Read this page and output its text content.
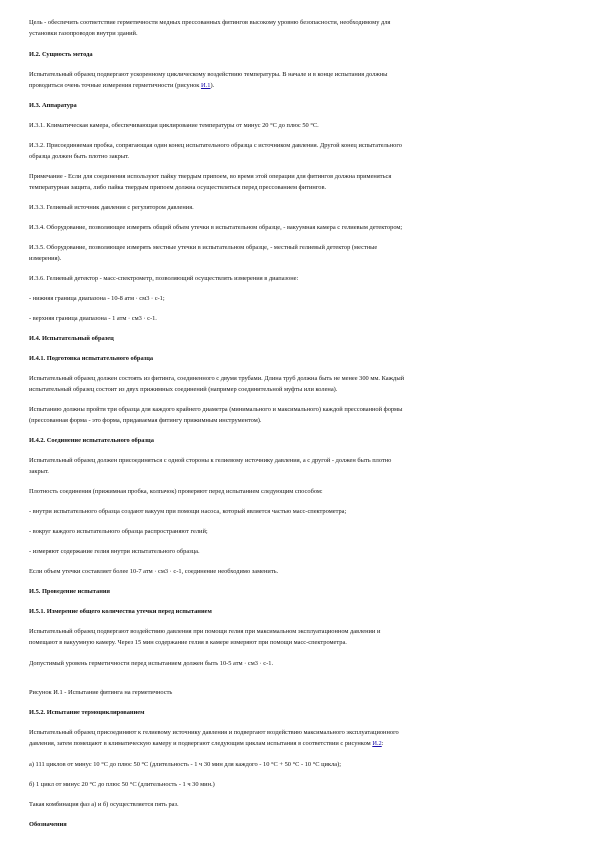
Цель - обеспечить соответствие герметичности медных прессованных фитингов высокому уровню безопасности, необходимому для
установки газопроводов внутри зданий.
И.2. Сущность метода
Испытательный образец подвергают ускоренному циклическому воздействию температуры. В начале и в конце испытания должны
проводиться очень точные измерения герметичности (рисунок И.1).
И.3. Аппаратура
И.3.1. Климатическая камера, обеспечивающая циклирование температуры от минус 20 °С до плюс 50 °С.
И.3.2. Присоединяемая пробка, сопрягающая один конец испытательного образца с источником давления. Другой конец испытательного
образца должен быть плотно закрыт.
Примечание - Если для соединения используют пайку твердым припоем, во время этой операции для фитингов должна применяться
температурная защита, либо пайка твердым припоем должна осуществляться перед прессованием фитингов.
И.3.3. Гелиевый источник давления с регулятором давления.
И.3.4. Оборудование, позволяющее измерять общий объем утечки в испытательном образце, - вакуумная камера с гелиевым детектором;
И.3.5. Оборудование, позволяющее измерять местные утечки в испытательном образце, - местный гелиевый детектор (местные
измерения).
И.3.6. Гелиевый детектор - масс-спектрометр, позволяющий осуществлять измерения в диапазоне:
- нижняя граница диапазона - 10-8 атм · см3 · с-1;
- верхняя граница диапазона - 1 атм · см3 · с-1.
И.4. Испытательный образец
И.4.1. Подготовка испытательного образца
Испытательный образец должен состоять из фитинга, соединенного с двумя трубами. Длина труб должна быть не менее 300 мм. Каждый
испытательный образец состоит из двух прижимных соединений (например соединительной муфты или колена).
Испытанию должны пройти три образца для каждого крайнего диаметра (минимального и максимального) каждой прессованной формы
(прессованная форма - это форма, придаваемая фитингу прижимным инструментом).
И.4.2. Соединение испытательного образца
Испытательный образец должен присоединяться с одной стороны к гелиевому источнику давления, а с другой - должен быть плотно
закрыт.
Плотность соединения (прижимная пробка, колпачок) проверяют перед испытанием следующим способом:
- внутри испытательного образца создают вакуум при помощи насоса, который является частью масс-спектрометра;
- вокруг каждого испытательного образца распространяют гелий;
- измеряют содержание гелия внутри испытательного образца.
Если объем утечки составляет более 10-7 атм · см3 · с-1, соединение необходимо заменить.
И.5. Проведение испытания
И.5.1. Измерение общего количества утечки перед испытанием
Испытательный образец подвергают воздействию давления при помощи гелия при максимальном эксплуатационном давлении и
помещают в вакуумную камеру. Через 15 мин содержание гелия в камере измеряют при помощи масс-спектрометра.
Допустимый уровень герметичности перед испытанием должен быть 10-5 атм · см3 · с-1.
Рисунок И.1 - Испытание фитинга на герметичность
И.5.2. Испытание термоциклированием
Испытательный образец присоединяют к гелиевому источнику давления и подвергают воздействию максимального эксплуатационного
давления, затем помещают в климатическую камеру и подвергают следующим циклам испытания в соответствии с рисунком И.2:
а) 111 циклов от минус 10 °С до плюс 50 °С (длительность - 1 ч 30 мин для каждого - 10 °С + 50 °С - 10 °С цикла);
б) 1 цикл от минус 20 °С до плюс 50 °С (длительность - 1 ч 30 мин.)
Такая комбинация фаз а) и б) осуществляется пять раз.
Обозначения
